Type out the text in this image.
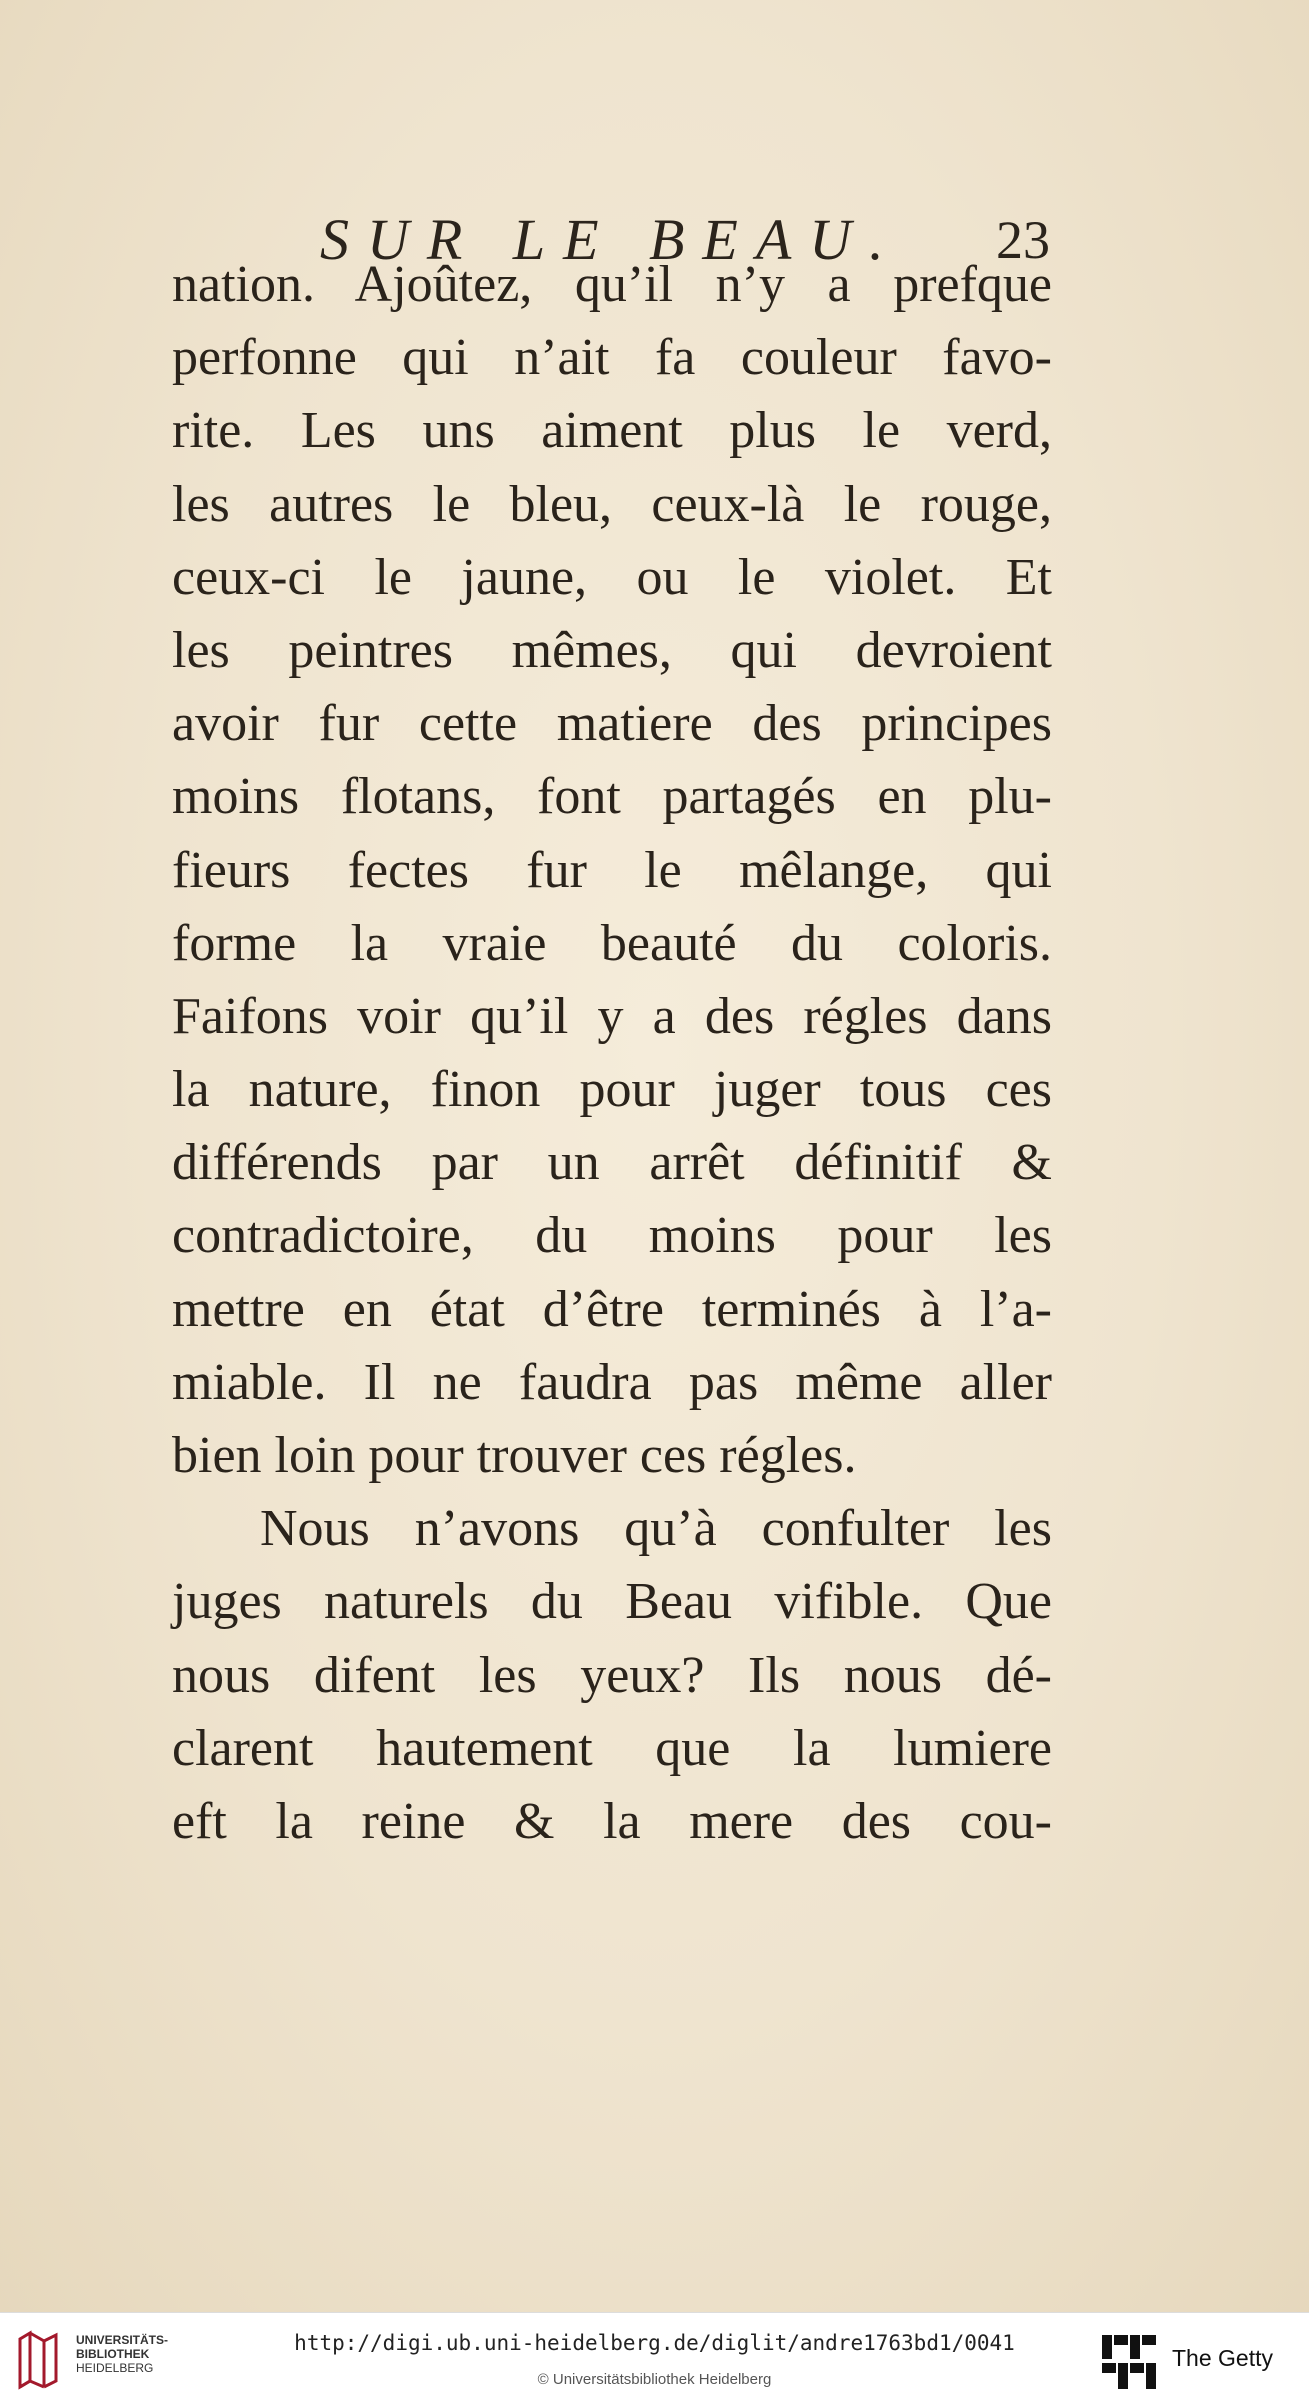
SUR LE BEAU. 23
nation. Ajoûtez, qu’il n’y a prefque
perfonne qui n’ait fa couleur favo-
rite. Les uns aiment plus le verd,
les autres le bleu, ceux-là le rouge,
ceux-ci le jaune, ou le violet. Et
les peintres mêmes, qui devroient
avoir fur cette matiere des principes
moins flotans, font partagés en plu-
fieurs fectes fur le mêlange, qui
forme la vraie beauté du coloris.
Faifons voir qu’il y a des régles dans
la nature, finon pour juger tous ces
différends par un arrêt définitif &
contradictoire, du moins pour les
mettre en état d’être terminés à l’a-
miable. Il ne faudra pas même aller
bien loin pour trouver ces régles.
Nous n’avons qu’à confulter les
juges naturels du Beau vifible. Que
nous difent les yeux? Ils nous dé-
clarent hautement que la lumiere
eft la reine & la mere des cou-
UNIVERSITÄTS-
BIBLIOTHEK
HEIDELBERG
http://digi.ub.uni-heidelberg.de/diglit/andre1763bd1/0041
© Universitätsbibliothek Heidelberg
The Getty
